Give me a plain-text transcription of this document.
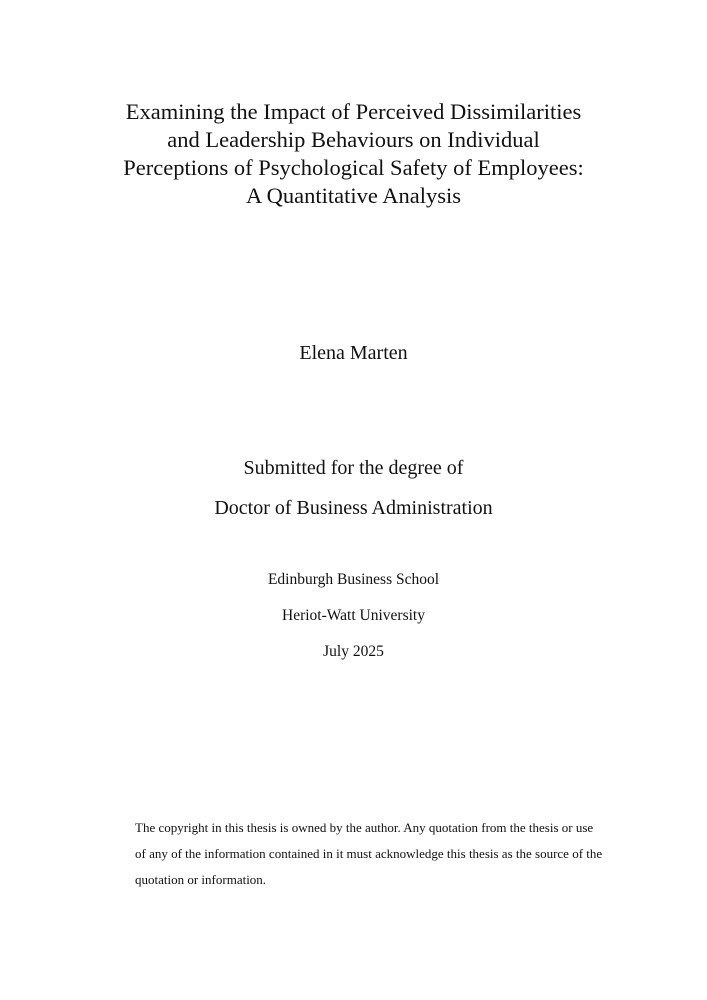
Examining the Impact of Perceived Dissimilarities
and Leadership Behaviours on Individual
Perceptions of Psychological Safety of Employees:
A Quantitative Analysis
Elena Marten
Submitted for the degree of
Doctor of Business Administration
Edinburgh Business School
Heriot-Watt University
July 2025
The copyright in this thesis is owned by the author. Any quotation from the thesis or use
of any of the information contained in it must acknowledge this thesis as the source of the
quotation or information.
